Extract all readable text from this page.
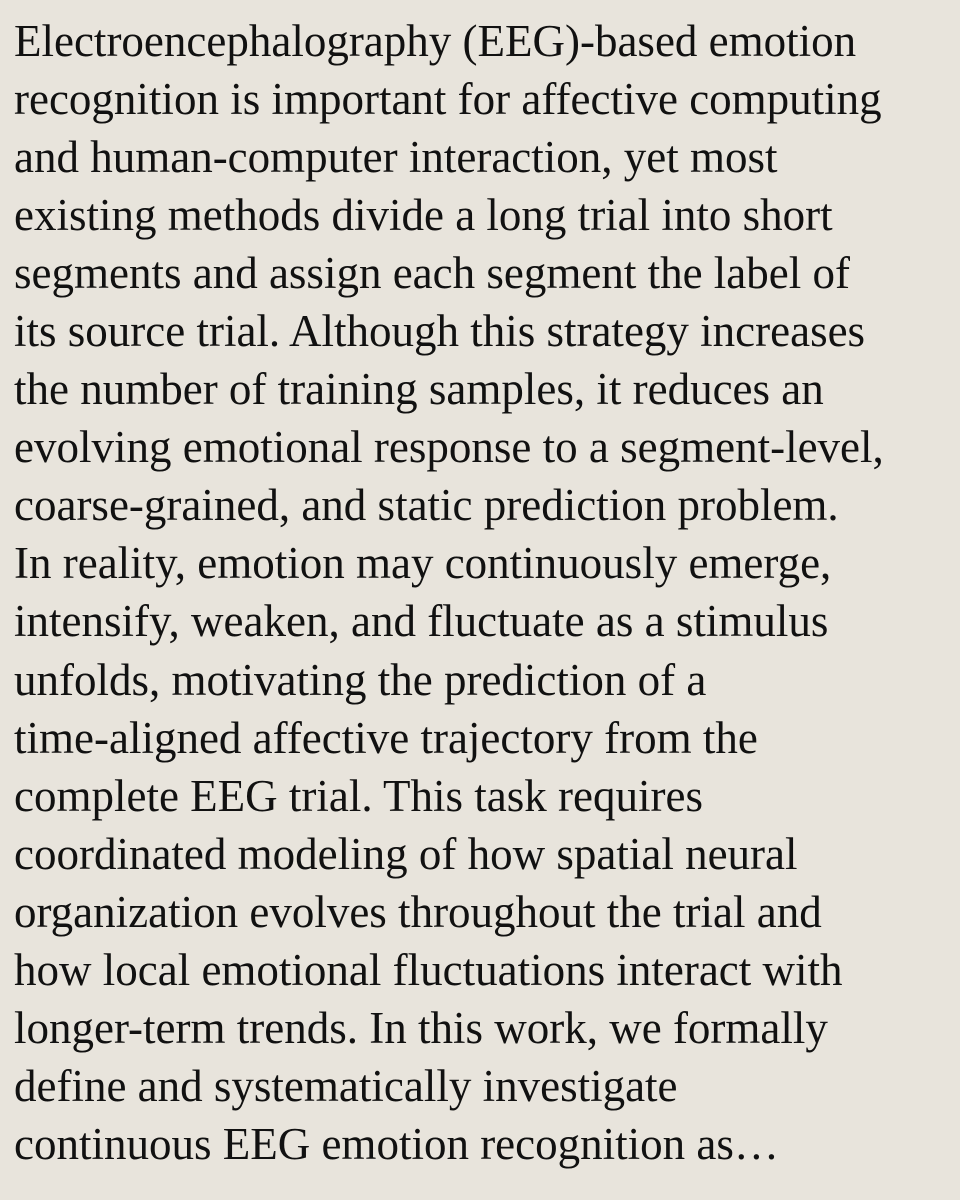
Electroencephalography (EEG)-based emotion
recognition is important for affective computing
and human-computer interaction, yet most
existing methods divide a long trial into short
segments and assign each segment the label of
its source trial. Although this strategy increases
the number of training samples, it reduces an
evolving emotional response to a segment-level,
coarse-grained, and static prediction problem.
In reality, emotion may continuously emerge,
intensify, weaken, and fluctuate as a stimulus
unfolds, motivating the prediction of a
time-aligned affective trajectory from the
complete EEG trial. This task requires
coordinated modeling of how spatial neural
organization evolves throughout the trial and
how local emotional fluctuations interact with
longer-term trends. In this work, we formally
define and systematically investigate
continuous EEG emotion recognition as…
